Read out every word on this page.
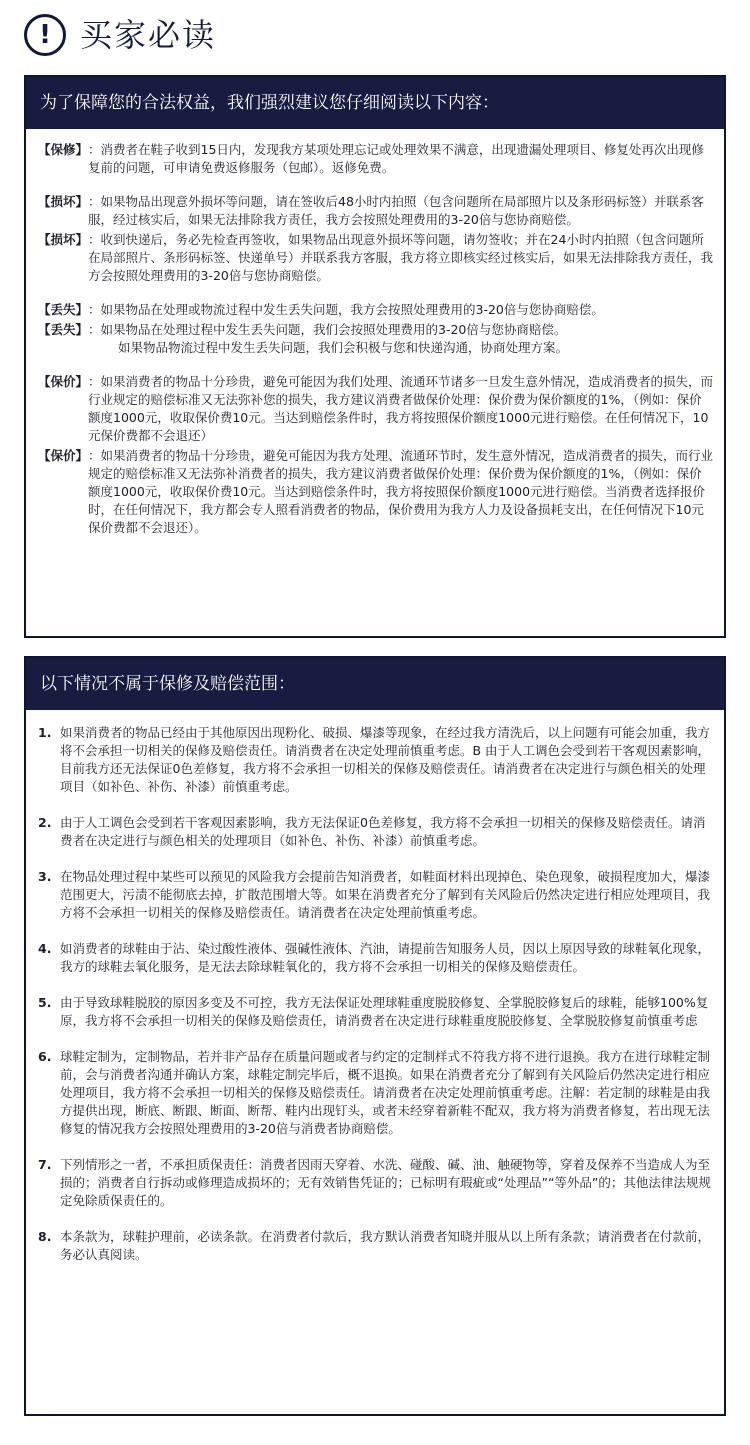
! 买家必读
为了保障您的合法权益，我们强烈建议您仔细阅读以下内容：
【保修】 ：消费者在鞋子收到15日内，发现我方某项处理忘记或处理效果不满意，出现遗漏处理项目、修复处再次出现修复前的问题，可申请免费返修服务（包邮）。返修免费。
【损坏】 ：如果物品出现意外损坏等问题，请在签收后48小时内拍照（包含问题所在局部照片以及条形码标签）并联系客服，经过核实后，如果无法排除我方责任，我方会按照处理费用的3-20倍与您协商赔偿。
【损坏】 ：收到快递后，务必先检查再签收，如果物品出现意外损坏等问题，请勿签收；并在24小时内拍照（包含问题所在局部照片、条形码标签、快递单号）并联系我方客服，我方将立即核实经过核实后，如果无法排除我方责任，我方会按照处理费用的3-20倍与您协商赔偿。
【丢失】 ：如果物品在处理或物流过程中发生丢失问题，我方会按照处理费用的3-20倍与您协商赔偿。
【丢失】 ：如果物品在处理过程中发生丢失问题，我们会按照处理费用的3-20倍与您协商赔偿。

如果物品物流过程中发生丢失问题，我们会积极与您和快递沟通，协商处理方案。

【保价】 ：如果消费者的物品十分珍贵，避免可能因为我们处理、流通环节诸多一旦发生意外情况，造成消费者的损失，而行业规定的赔偿标准又无法弥补您的损失，我方建议消费者做保价处理：保价费为保价额度的1%，（例如：保价额度1000元，收取保价费10元。当达到赔偿条件时，我方将按照保价额度1000元进行赔偿。在任何情况下，10元保价费都不会退还）
【保价】 ：如果消费者的物品十分珍贵，避免可能因为我方处理、流通环节时，发生意外情况，造成消费者的损失，而行业规定的赔偿标准又无法弥补消费者的损失，我方建议消费者做保价处理：保价费为保价额度的1%，（例如：保价额度1000元，收取保价费10元。当达到赔偿条件时，我方将按照保价额度1000元进行赔偿。当消费者选择报价时，在任何情况下，我方都会专人照看消费者的物品，保价费用为我方人力及设备损耗支出，在任何情况下10元保价费都不会退还）。
以下情况不属于保修及赔偿范围：
1. 如果消费者的物品已经由于其他原因出现粉化、破损、爆漆等现象，在经过我方清洗后，以上问题有可能会加重，我方将不会承担一切相关的保修及赔偿责任。请消费者在决定处理前慎重考虑。B 由于人工调色会受到若干客观因素影响，目前我方还无法保证0色差修复，我方将不会承担一切相关的保修及赔偿责任。请消费者在决定进行与颜色相关的处理项目（如补色、补伤、补漆）前慎重考虑。
2. 由于人工调色会受到若干客观因素影响，我方无法保证0色差修复，我方将不会承担一切相关的保修及赔偿责任。请消费者在决定进行与颜色相关的处理项目（如补色、补伤、补漆）前慎重考虑。
3. 在物品处理过程中某些可以预见的风险我方会提前告知消费者，如鞋面材料出现掉色、染色现象，破损程度加大，爆漆范围更大，污渍不能彻底去掉，扩散范围增大等。如果在消费者充分了解到有关风险后仍然决定进行相应处理项目，我方将不会承担一切相关的保修及赔偿责任。请消费者在决定处理前慎重考虑。
4. 如消费者的球鞋由于沾、染过酸性液体、强碱性液体、汽油，请提前告知服务人员，因以上原因导致的球鞋氧化现象，我方的球鞋去氧化服务，是无法去除球鞋氧化的，我方将不会承担一切相关的保修及赔偿责任。
5. 由于导致球鞋脱胶的原因多变及不可控，我方无法保证处理球鞋重度脱胶修复、全掌脱胶修复后的球鞋，能够100%复原，我方将不会承担一切相关的保修及赔偿责任，请消费者在决定进行球鞋重度脱胶修复、全掌脱胶修复前慎重考虑
6. 球鞋定制为，定制物品，若并非产品存在质量问题或者与约定的定制样式不符我方将不进行退换。我方在进行球鞋定制前，会与消费者沟通并确认方案，球鞋定制完毕后，概不退换。如果在消费者充分了解到有关风险后仍然决定进行相应处理项目，我方将不会承担一切相关的保修及赔偿责任。请消费者在决定处理前慎重考虑。注解：若定制的球鞋是由我方提供出现，断底、断跟、断面、断帮、鞋内出现钉头，或者未经穿着新鞋不配双，我方将为消费者修复，若出现无法修复的情况我方会按照处理费用的3-20倍与消费者协商赔偿。
7. 下列情形之一者，不承担质保责任：消费者因雨天穿着、水洗、碰酸、碱、油、触硬物等，穿着及保养不当造成人为至损的；消费者自行拆动或修理造成损坏的；无有效销售凭证的；已标明有瑕疵或“处理品”“等外品”的；其他法律法规规定免除质保责任的。
8. 本条款为，球鞋护理前，必读条款。在消费者付款后，我方默认消费者知晓并服从以上所有条款；请消费者在付款前，务必认真阅读。
